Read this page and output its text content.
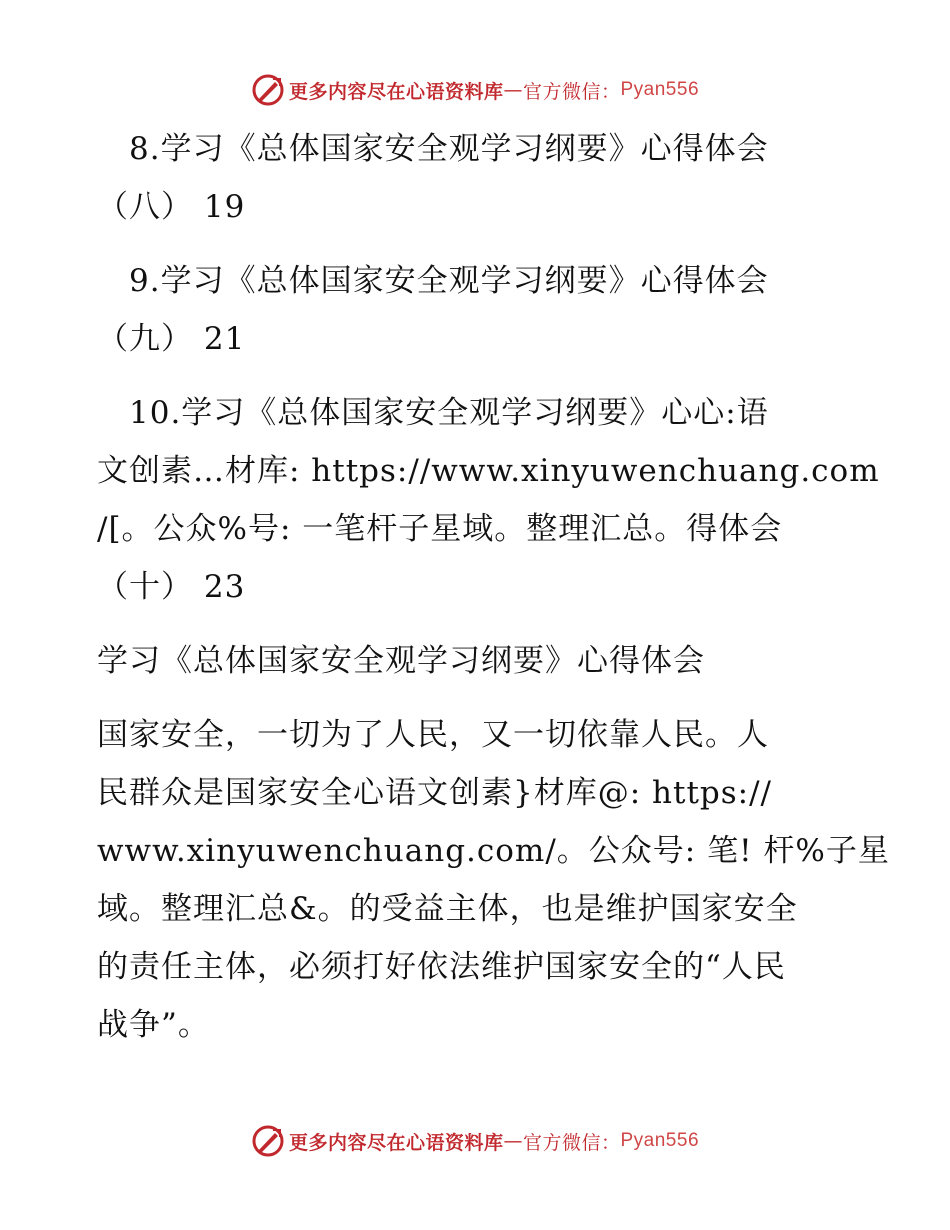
更多内容尽在心语资料库 — 官方微信： Pyan556
　8.学习《总体国家安全观学习纲要》心得体会
（八） 19
　9.学习《总体国家安全观学习纲要》心得体会
（九） 21
　10.学习《总体国家安全观学习纲要》心心:语
文创素…材库: https://www.xinyuwenchuang.com
/[。公众%号: 一笔杆子星域。整理汇总。得体会
（十） 23
学习《总体国家安全观学习纲要》心得体会
国家安全，一切为了人民，又一切依靠人民。人
民群众是国家安全心语文创素}材库@: https://
www.xinyuwenchuang.com/。公众号: 笔! 杆%子星
域。整理汇总&。的受益主体，也是维护国家安全
的责任主体，必须打好依法维护国家安全的“人民
战争”。
更多内容尽在心语资料库 — 官方微信： Pyan556
